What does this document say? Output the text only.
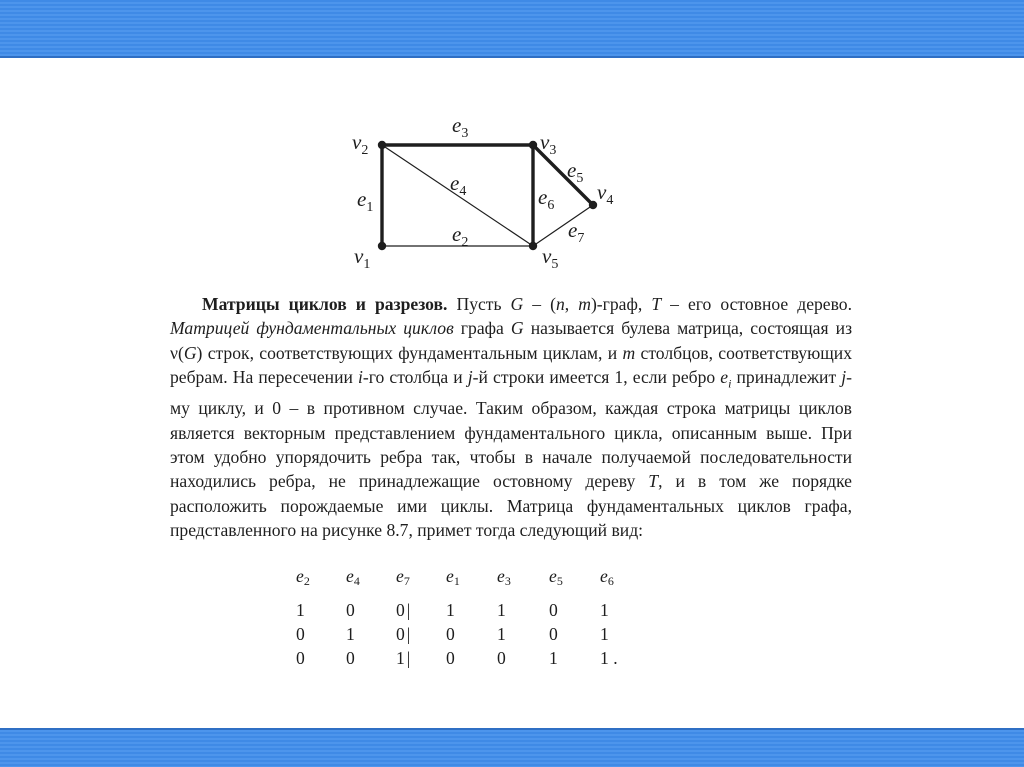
$e_1$
$e_2$
$e_3$
$e_4$
$e_5$
$e_6$
$e_7$
$v_1$
$v_2$	$v_3$
$v_4$
$v_5$

Матрицы циклов и разрезов. Пусть G – (n, m)-граф, T – его остовное дерево. Матрицей фундаментальных циклов графа G называется булева матрица, состоящая из ν(G) строк, соответствующих фундаментальным циклам, и m столбцов, соответствующих ребрам. На пересечении i-го столбца и j-й строки имеется 1, если ребро $e_i$ принадлежит j-му циклу, и 0 – в противном случае. Таким образом, каждая строка матрицы циклов является векторным представлением фундаментального цикла, описанным выше. При этом удобно упорядочить ребра так, чтобы в начале получаемой последовательности находились ребра, не принадлежащие остовному дереву T, и в том же порядке расположить порождаемые ими циклы. Матрица фундаментальных циклов графа, представленного на рисунке 8.7, примет тогда следующий вид:

e2	e4	e7	e1	e3	e5	e6
1	0	0 |	1	1	0	1
0	1	0 |	0	1	0	1
0	0	1 |	0	0	1	1 .
